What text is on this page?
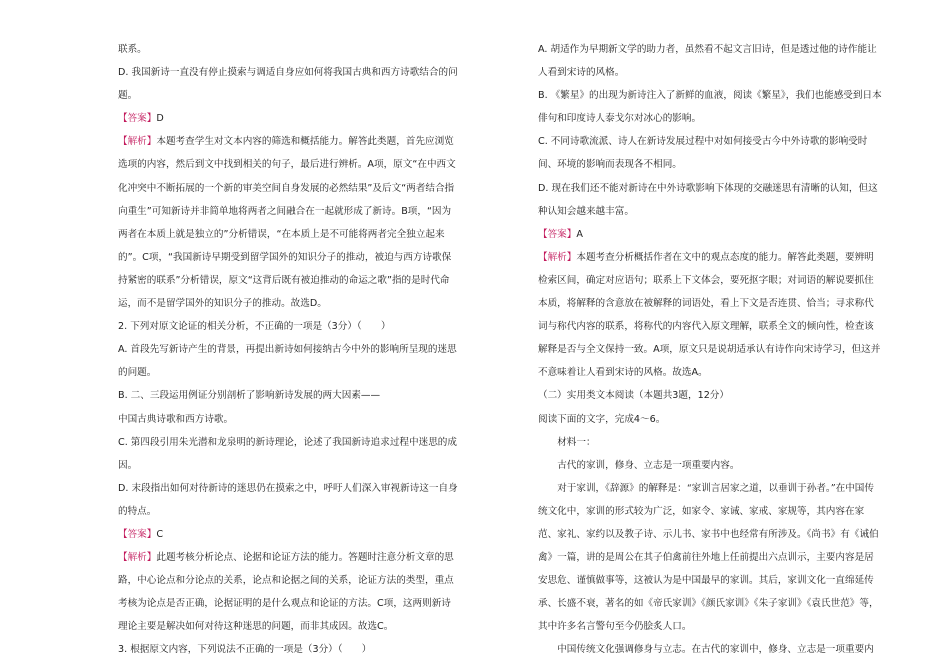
联系。

D. 我国新诗一直没有停止摸索与调适自身应如何将我国古典和西方诗歌结合的问题。

【答案】D

【解析】本题考查学生对文本内容的筛选和概括能力。解答此类题，首先应浏览选项的内容，然后到文中找到相关的句子，最后进行辨析。A项，原文“在中西文化冲突中不断拓展的一个新的审美空间自身发展的必然结果”及后文“两者结合指向重生”可知新诗并非简单地将两者之间融合在一起就形成了新诗。B项，“因为两者在本质上就是独立的”分析错误，“在本质上是不可能将两者完全独立起来的”。C项，“我国新诗早期受到留学国外的知识分子的推动，被迫与西方诗歌保持紧密的联系”分析错误，原文“这背后既有被迫推动的命运之歌”指的是时代命运，而不是留学国外的知识分子的推动。故选D。

2. 下列对原文论证的相关分析，不正确的一项是（3分）（　　）

A. 首段先写新诗产生的背景，再提出新诗如何接纳古今中外的影响所呈现的迷思的问题。

B. 二、三段运用例证分别剖析了影响新诗发展的两大因素——

中国古典诗歌和西方诗歌。

C. 第四段引用朱光潜和龙泉明的新诗理论，论述了我国新诗追求过程中迷思的成因。

D. 末段指出如何对待新诗的迷思仍在摸索之中，呼吁人们深入审视新诗这一自身的特点。

【答案】C

【解析】此题考核分析论点、论据和论证方法的能力。答题时注意分析文章的思路，中心论点和分论点的关系，论点和论据之间的关系，论证方法的类型，重点考核为论点是否正确，论据证明的是什么观点和论证的方法。C项，这两则新诗理论主要是解决如何对待这种迷思的问题，而非其成因。故选C。

3. 根据原文内容，下列说法不正确的一项是（3分）（　　）

A. 胡适作为早期新文学的助力者，虽然看不起文言旧诗，但是透过他的诗作能让人看到宋诗的风格。

B. 《繁星》的出现为新诗注入了新鲜的血液，阅读《繁星》，我们也能感受到日本俳句和印度诗人泰戈尔对冰心的影响。

C. 不同诗歌流派、诗人在新诗发展过程中对如何接受古今中外诗歌的影响受时间、环境的影响而表现各不相同。

D. 现在我们还不能对新诗在中外诗歌影响下体现的交融迷思有清晰的认知，但这种认知会越来越丰富。

【答案】A

【解析】本题考查分析概括作者在文中的观点态度的能力。解答此类题，要辨明检索区间，确定对应语句；联系上下文体会，要死抠字眼；对词语的解说要抓住本质，将解释的含意放在被解释的词语处，看上下文是否连贯、恰当；寻求称代词与称代内容的联系，将称代的内容代入原文理解，联系全文的倾向性，检查该解释是否与全文保持一致。A项，原文只是说胡适承认有诗作向宋诗学习，但这并不意味着让人看到宋诗的风格。故选A。

（二）实用类文本阅读（本题共3题，12分）

阅读下面的文字，完成4～6。

材料一：

古代的家训，修身、立志是一项重要内容。

对于家训，《辞源》的解释是：“家训言居家之道，以垂训于孙者。”在中国传统文化中，家训的形式较为广泛，如家令、家诫、家戒、家规等，其内容在家范、家礼、家约以及教子诗、示儿书、家书中也经常有所涉及。《尚书》有《诫伯禽》一篇，讲的是周公在其子伯禽前往外地上任前提出六点训示，主要内容是居安思危、谨慎做事等，这被认为是中国最早的家训。其后，家训文化一直绵延传承、长盛不衰，著名的如《帝氏家训》《颜氏家训》《朱子家训》《袁氏世范》等，其中许多名言警句至今仍脍炙人口。

中国传统文化强调修身与立志。在古代的家训中，修身、立志是一项重要内
